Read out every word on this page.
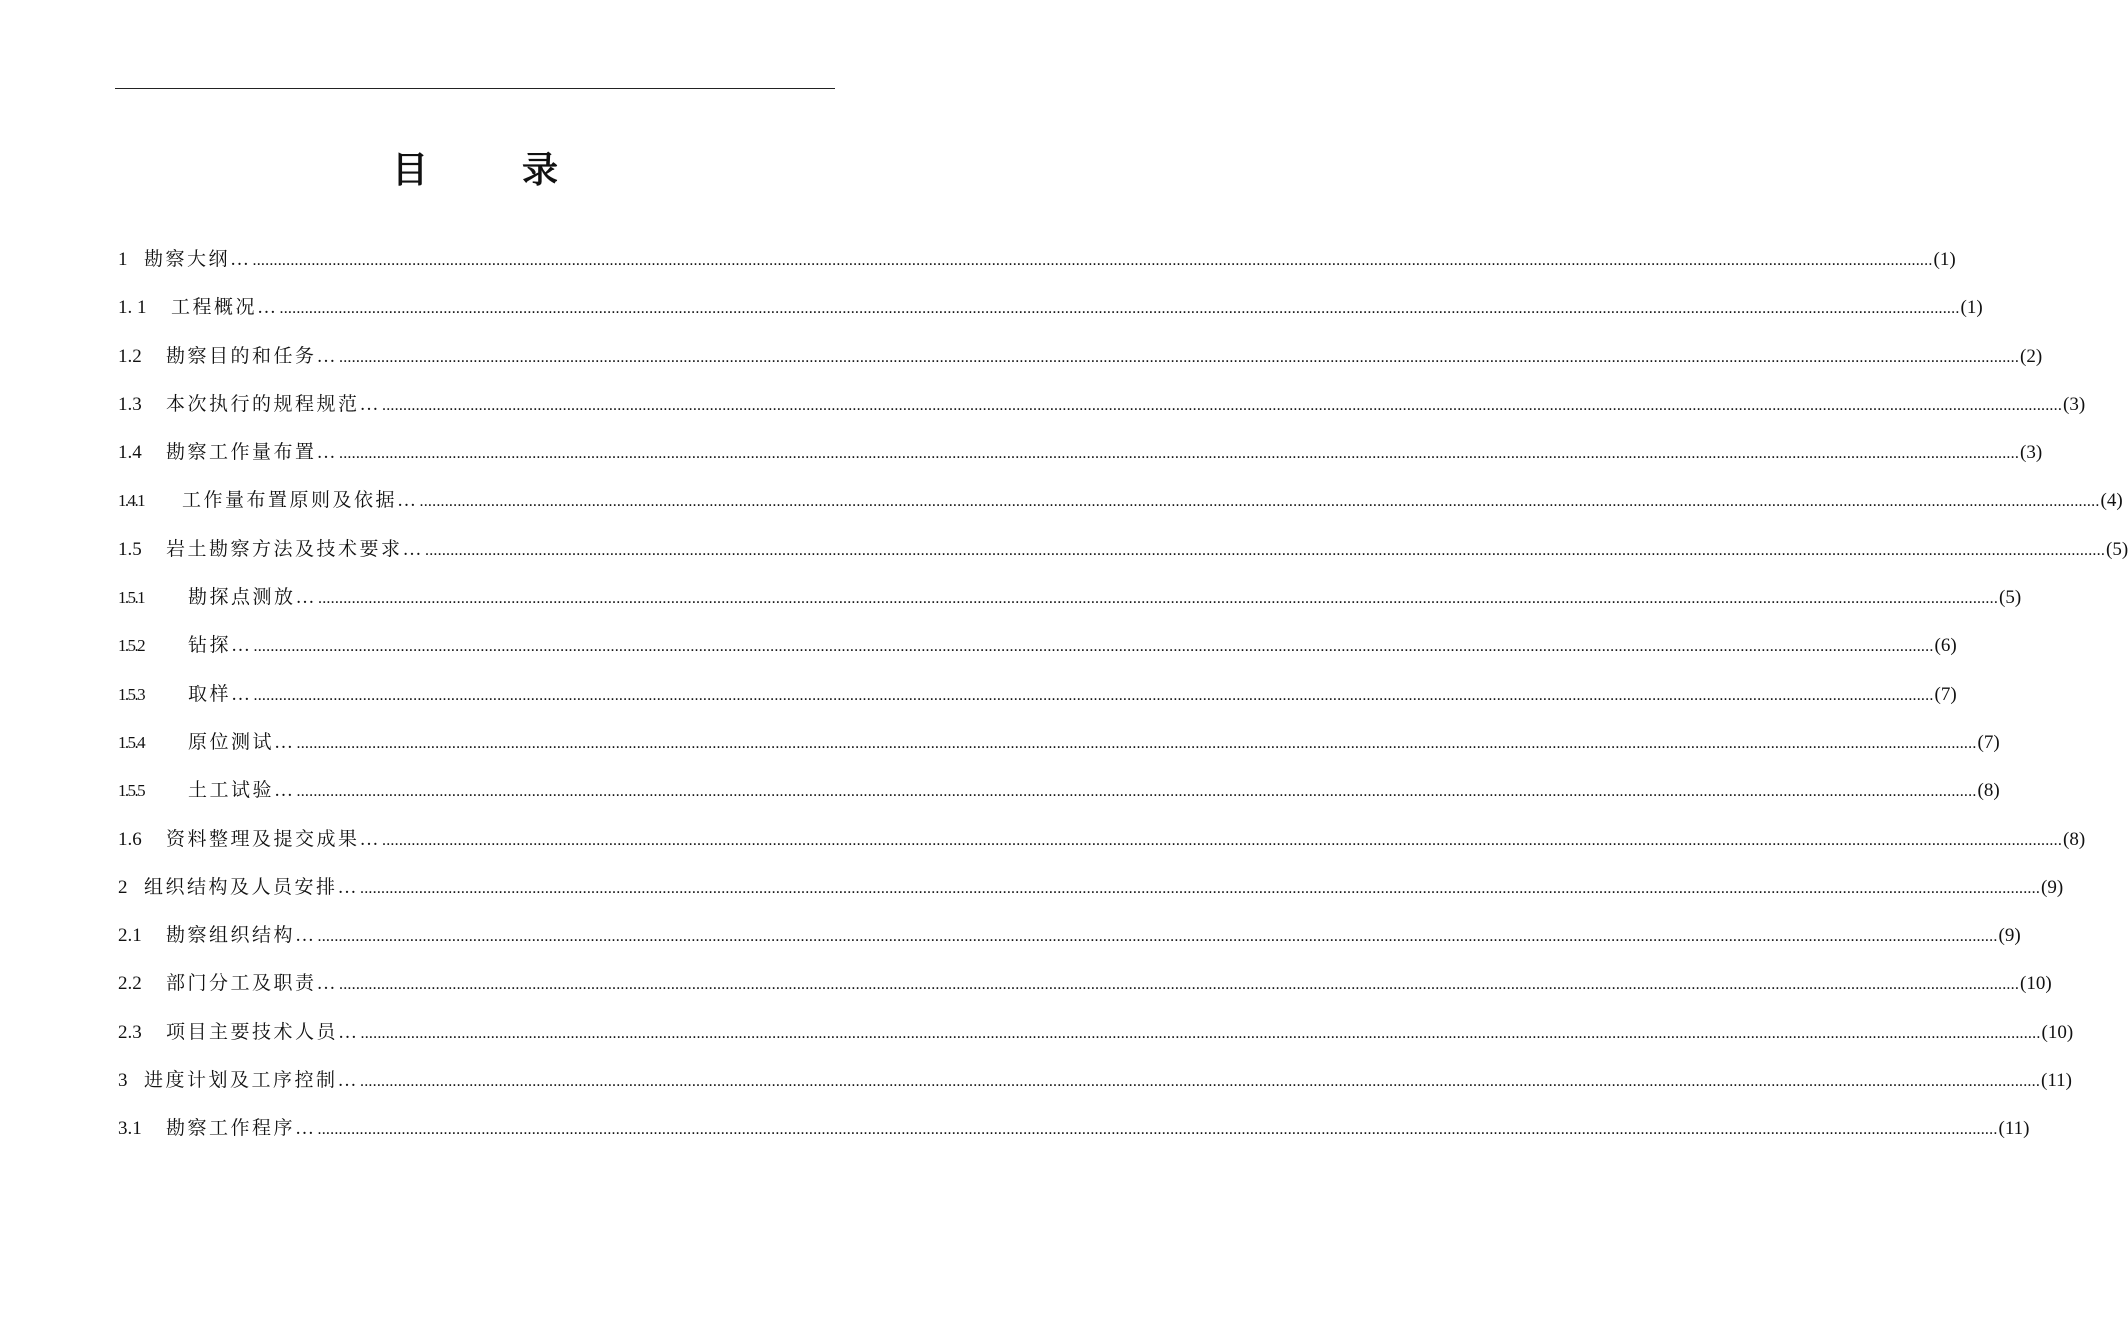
目	录
1 勘察大纲… ................................................................................................................................................................................................................................................................................................................................................................................................................ (1)
1. 1	工程概况… ................................................................................................................................................................................................................................................................................................................................................................................................................ (1)
1.2	勘察目的和任务… ................................................................................................................................................................................................................................................................................................................................................................................................................ (2)
1.3	本次执行的规程规范… ................................................................................................................................................................................................................................................................................................................................................................................................................ (3)
1.4	勘察工作量布置… ................................................................................................................................................................................................................................................................................................................................................................................................................ (3)
1.4.1	工作量布置原则及依据… ................................................................................................................................................................................................................................................................................................................................................................................................................ (4)
1.5	岩土勘察方法及技术要求… ................................................................................................................................................................................................................................................................................................................................................................................................................ (5)
1.5.1	勘探点测放… ................................................................................................................................................................................................................................................................................................................................................................................................................ (5)
1.5.2	钻探… ................................................................................................................................................................................................................................................................................................................................................................................................................ (6)
1.5.3	取样… ................................................................................................................................................................................................................................................................................................................................................................................................................ (7)
1.5.4	原位测试… ................................................................................................................................................................................................................................................................................................................................................................................................................ (7)
1.5.5	土工试验… ................................................................................................................................................................................................................................................................................................................................................................................................................ (8)
1.6	资料整理及提交成果… ................................................................................................................................................................................................................................................................................................................................................................................................................ (8)
2 组织结构及人员安排… ................................................................................................................................................................................................................................................................................................................................................................................................................ (9)
2.1	勘察组织结构… ................................................................................................................................................................................................................................................................................................................................................................................................................ (9)
2.2	部门分工及职责… ................................................................................................................................................................................................................................................................................................................................................................................................................ (10)
2.3	项目主要技术人员… ................................................................................................................................................................................................................................................................................................................................................................................................................ (10)
3 进度计划及工序控制… ................................................................................................................................................................................................................................................................................................................................................................................................................ (11)
3.1	勘察工作程序… ................................................................................................................................................................................................................................................................................................................................................................................................................ (11)
